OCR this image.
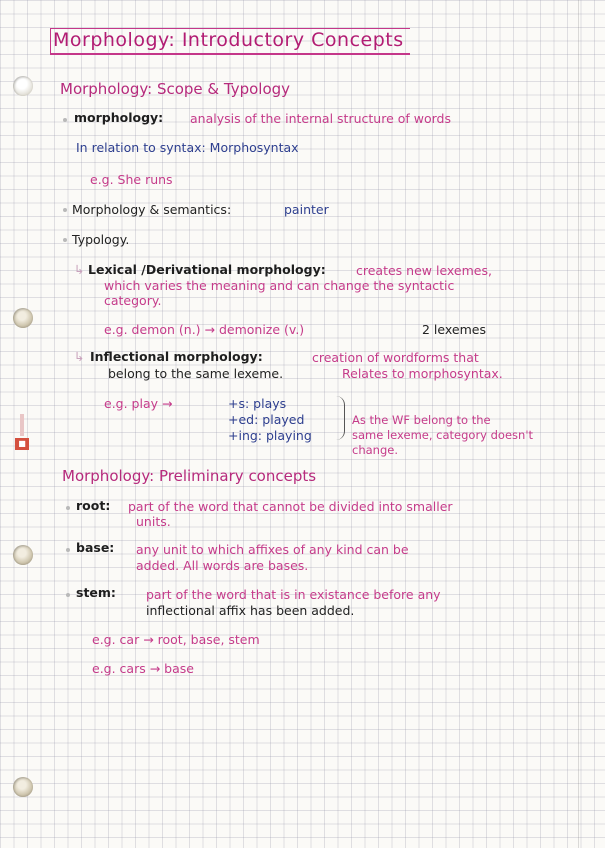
■
Morphology: Introductory Concepts
Morphology: Scope & Typology
morphology: analysis of the internal structure of words
In relation to syntax: Morphosyntax
e.g. She runs
Morphology & semantics:	painter
Typology.
↳ Lexical /Derivational morphology: creates new lexemes,
which varies the meaning and can change the syntactic
category.
e.g. demon (n.) → demonize (v.)	2 lexemes
↳ Inflectional morphology:	creation of wordforms that
belong to the same lexeme.	Relates to morphosyntax.
e.g. play →	+s: plays
+ed: played
+ing: playing
As the WF belong to the
same lexeme, category doesn't
change.
Morphology: Preliminary concepts
root: part of the word that cannot be divided into smaller
units.
base: any unit to which affixes of any kind can be
added. All words are bases.
stem: part of the word that is in existance before any
inflectional affix has been added.
e.g. car → root, base, stem
e.g. cars → base
